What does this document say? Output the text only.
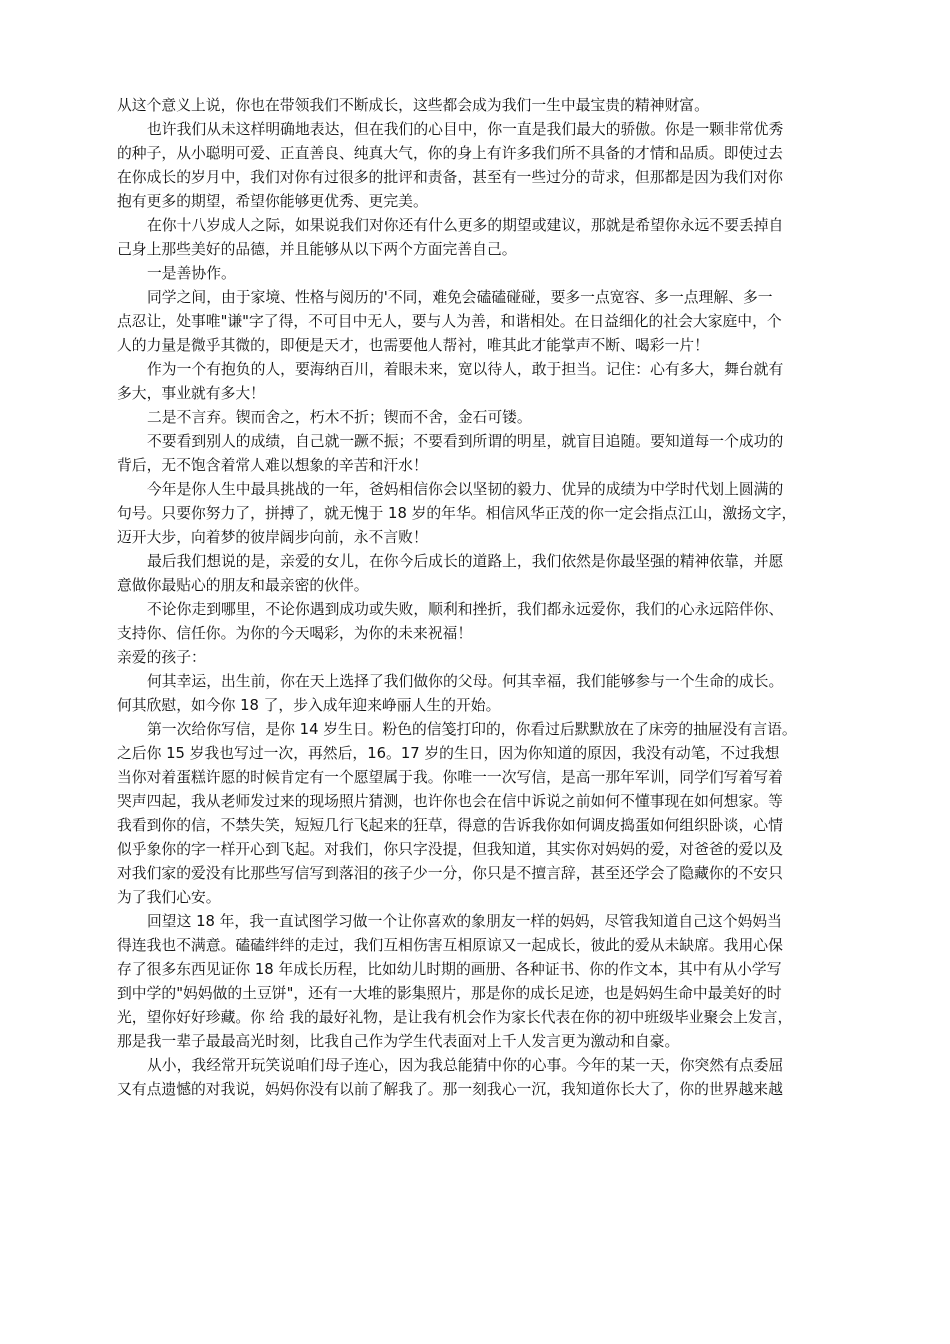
从这个意义上说，你也在带领我们不断成长，这些都会成为我们一生中最宝贵的精神财富。
也许我们从未这样明确地表达，但在我们的心目中，你一直是我们最大的骄傲。你是一颗非常优秀
的种子，从小聪明可爱、正直善良、纯真大气，你的身上有许多我们所不具备的才情和品质。即使过去
在你成长的岁月中，我们对你有过很多的批评和责备，甚至有一些过分的苛求，但那都是因为我们对你
抱有更多的期望，希望你能够更优秀、更完美。
在你十八岁成人之际，如果说我们对你还有什么更多的期望或建议，那就是希望你永远不要丢掉自
己身上那些美好的品德，并且能够从以下两个方面完善自己。
一是善协作。
同学之间，由于家境、性格与阅历的'不同，难免会磕磕碰碰，要多一点宽容、多一点理解、多一
点忍让，处事唯"谦"字了得，不可目中无人，要与人为善，和谐相处。在日益细化的社会大家庭中，个
人的力量是微乎其微的，即便是天才，也需要他人帮衬，唯其此才能掌声不断、喝彩一片！
作为一个有抱负的人，要海纳百川，着眼未来，宽以待人，敢于担当。记住：心有多大，舞台就有
多大，事业就有多大！
二是不言弃。锲而舍之，朽木不折；锲而不舍，金石可镂。
不要看到别人的成绩，自己就一蹶不振；不要看到所谓的明星，就盲目追随。要知道每一个成功的
背后，无不饱含着常人难以想象的辛苦和汗水！
今年是你人生中最具挑战的一年，爸妈相信你会以坚韧的毅力、优异的成绩为中学时代划上圆满的
句号。只要你努力了，拼搏了，就无愧于 18 岁的年华。相信风华正茂的你一定会指点江山，激扬文字，
迈开大步，向着梦的彼岸阔步向前，永不言败！
最后我们想说的是，亲爱的女儿，在你今后成长的道路上，我们依然是你最坚强的精神依靠，并愿
意做你最贴心的朋友和最亲密的伙伴。
不论你走到哪里，不论你遇到成功或失败，顺利和挫折，我们都永远爱你，我们的心永远陪伴你、
支持你、信任你。为你的今天喝彩，为你的未来祝福！
亲爱的孩子：
何其幸运，出生前，你在天上选择了我们做你的父母。何其幸福，我们能够参与一个生命的成长。
何其欣慰，如今你 18 了，步入成年迎来峥丽人生的开始。
第一次给你写信，是你 14 岁生日。粉色的信笺打印的，你看过后默默放在了床旁的抽屉没有言语。
之后你 15 岁我也写过一次，再然后，16。17 岁的生日，因为你知道的原因，我没有动笔，不过我想
当你对着蛋糕许愿的时候肯定有一个愿望属于我。你唯一一次写信，是高一那年军训，同学们写着写着
哭声四起，我从老师发过来的现场照片猜测，也许你也会在信中诉说之前如何不懂事现在如何想家。等
我看到你的信，不禁失笑，短短几行飞起来的狂草，得意的告诉我你如何调皮捣蛋如何组织卧谈，心情
似乎象你的字一样开心到飞起。对我们，你只字没提，但我知道，其实你对妈妈的爱，对爸爸的爱以及
对我们家的爱没有比那些写信写到落泪的孩子少一分，你只是不擅言辞，甚至还学会了隐藏你的不安只
为了我们心安。
回望这 18 年，我一直试图学习做一个让你喜欢的象朋友一样的妈妈，尽管我知道自己这个妈妈当
得连我也不满意。磕磕绊绊的走过，我们互相伤害互相原谅又一起成长，彼此的爱从未缺席。我用心保
存了很多东西见证你 18 年成长历程，比如幼儿时期的画册、各种证书、你的作文本，其中有从小学写
到中学的"妈妈做的土豆饼"，还有一大堆的影集照片，那是你的成长足迹，也是妈妈生命中最美好的时
光，望你好好珍藏。你 给 我的最好礼物，是让我有机会作为家长代表在你的初中班级毕业聚会上发言，
那是我一辈子最最高光时刻，比我自己作为学生代表面对上千人发言更为激动和自豪。
从小，我经常开玩笑说咱们母子连心，因为我总能猜中你的心事。今年的某一天，你突然有点委屈
又有点遗憾的对我说，妈妈你没有以前了解我了。那一刻我心一沉，我知道你长大了，你的世界越来越
